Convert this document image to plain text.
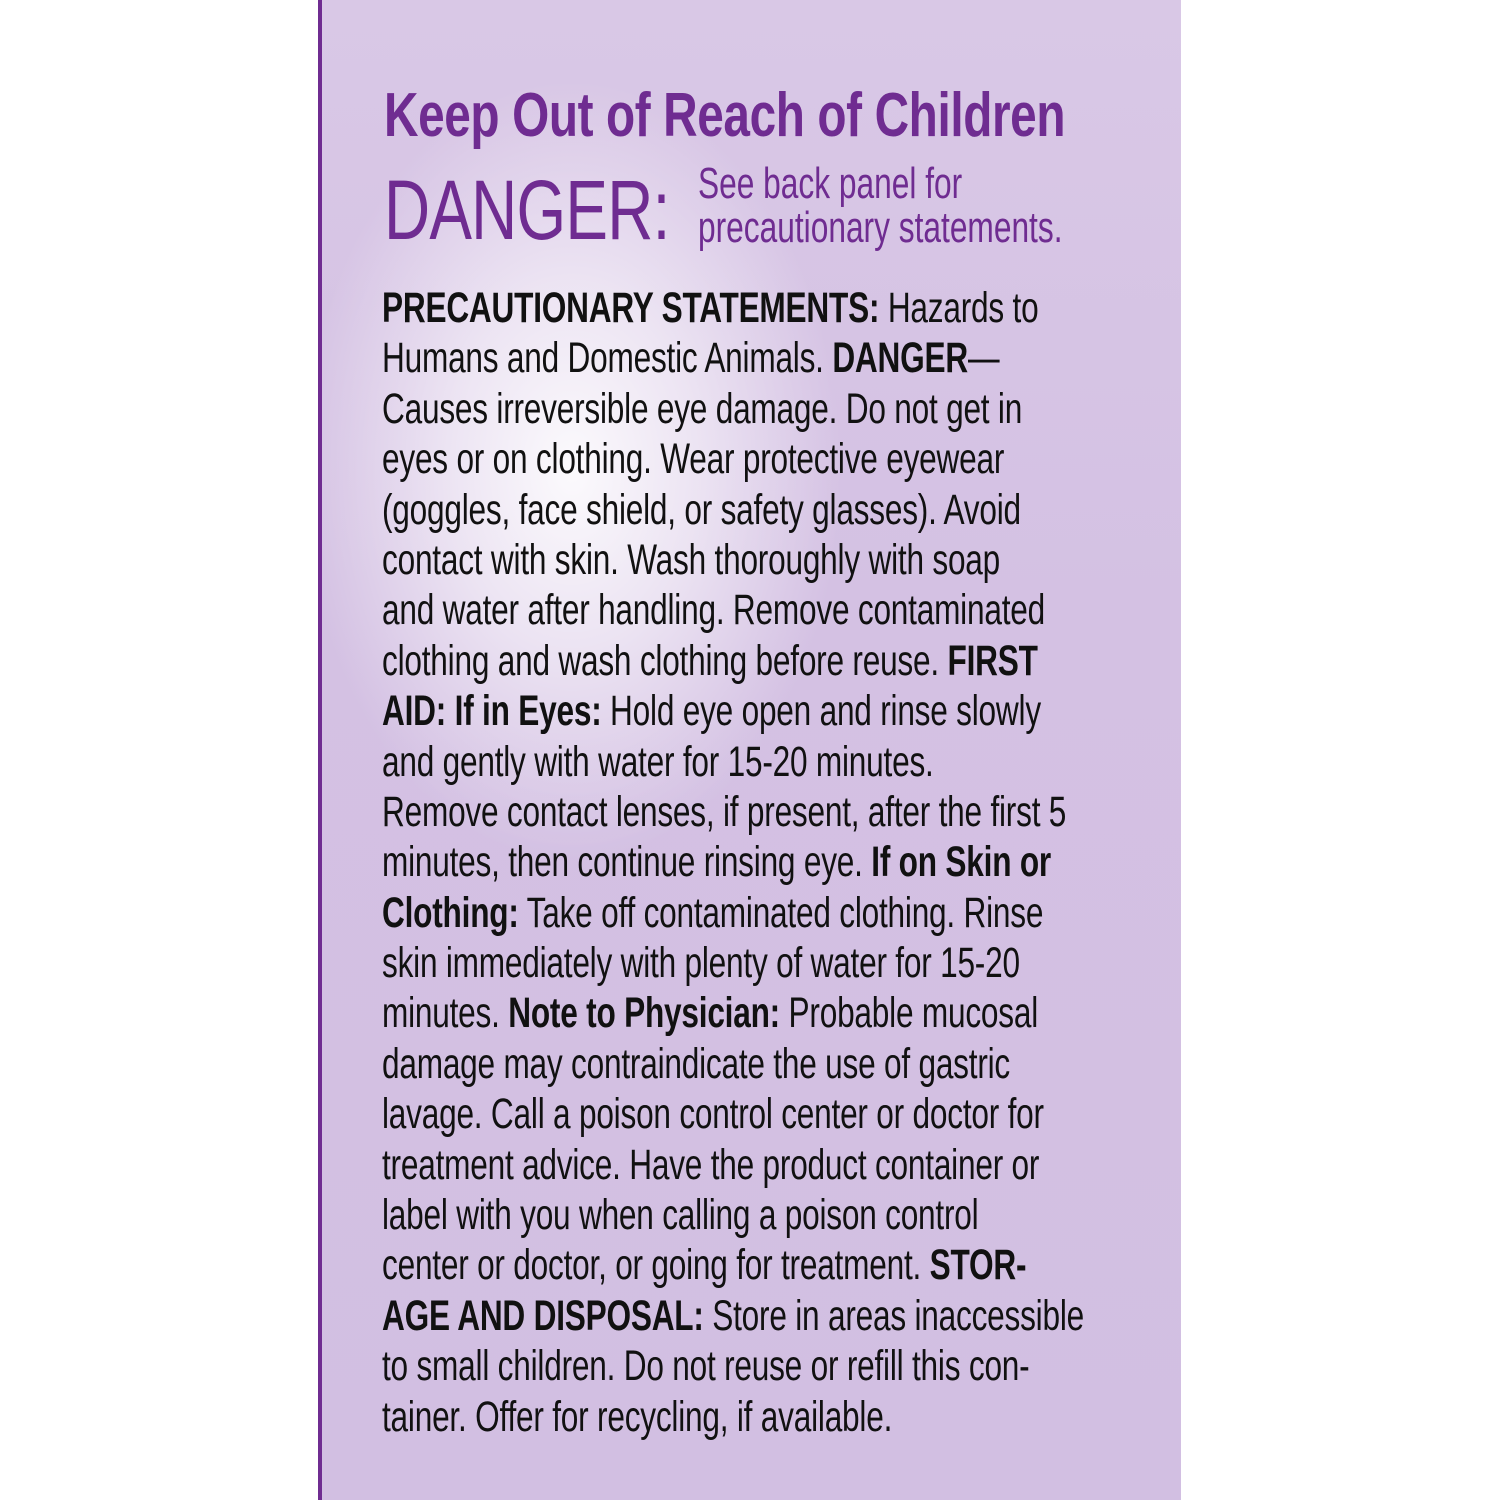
Keep Out of Reach of Children
DANGER: See back panel for
precautionary statements.
PRECAUTIONARY STATEMENTS: Hazards to
Humans and Domestic Animals. DANGER—
Causes irreversible eye damage. Do not get in
eyes or on clothing. Wear protective eyewear
(goggles, face shield, or safety glasses). Avoid
contact with skin. Wash thoroughly with soap
and water after handling. Remove contaminated
clothing and wash clothing before reuse. FIRST
AID: If in Eyes: Hold eye open and rinse slowly
and gently with water for 15-20 minutes.
Remove contact lenses, if present, after the first 5
minutes, then continue rinsing eye. If on Skin or
Clothing: Take off contaminated clothing. Rinse
skin immediately with plenty of water for 15-20
minutes. Note to Physician: Probable mucosal
damage may contraindicate the use of gastric
lavage. Call a poison control center or doctor for
treatment advice. Have the product container or
label with you when calling a poison control
center or doctor, or going for treatment. STOR-
AGE AND DISPOSAL: Store in areas inaccessible
to small children. Do not reuse or refill this con-
tainer. Offer for recycling, if available.
